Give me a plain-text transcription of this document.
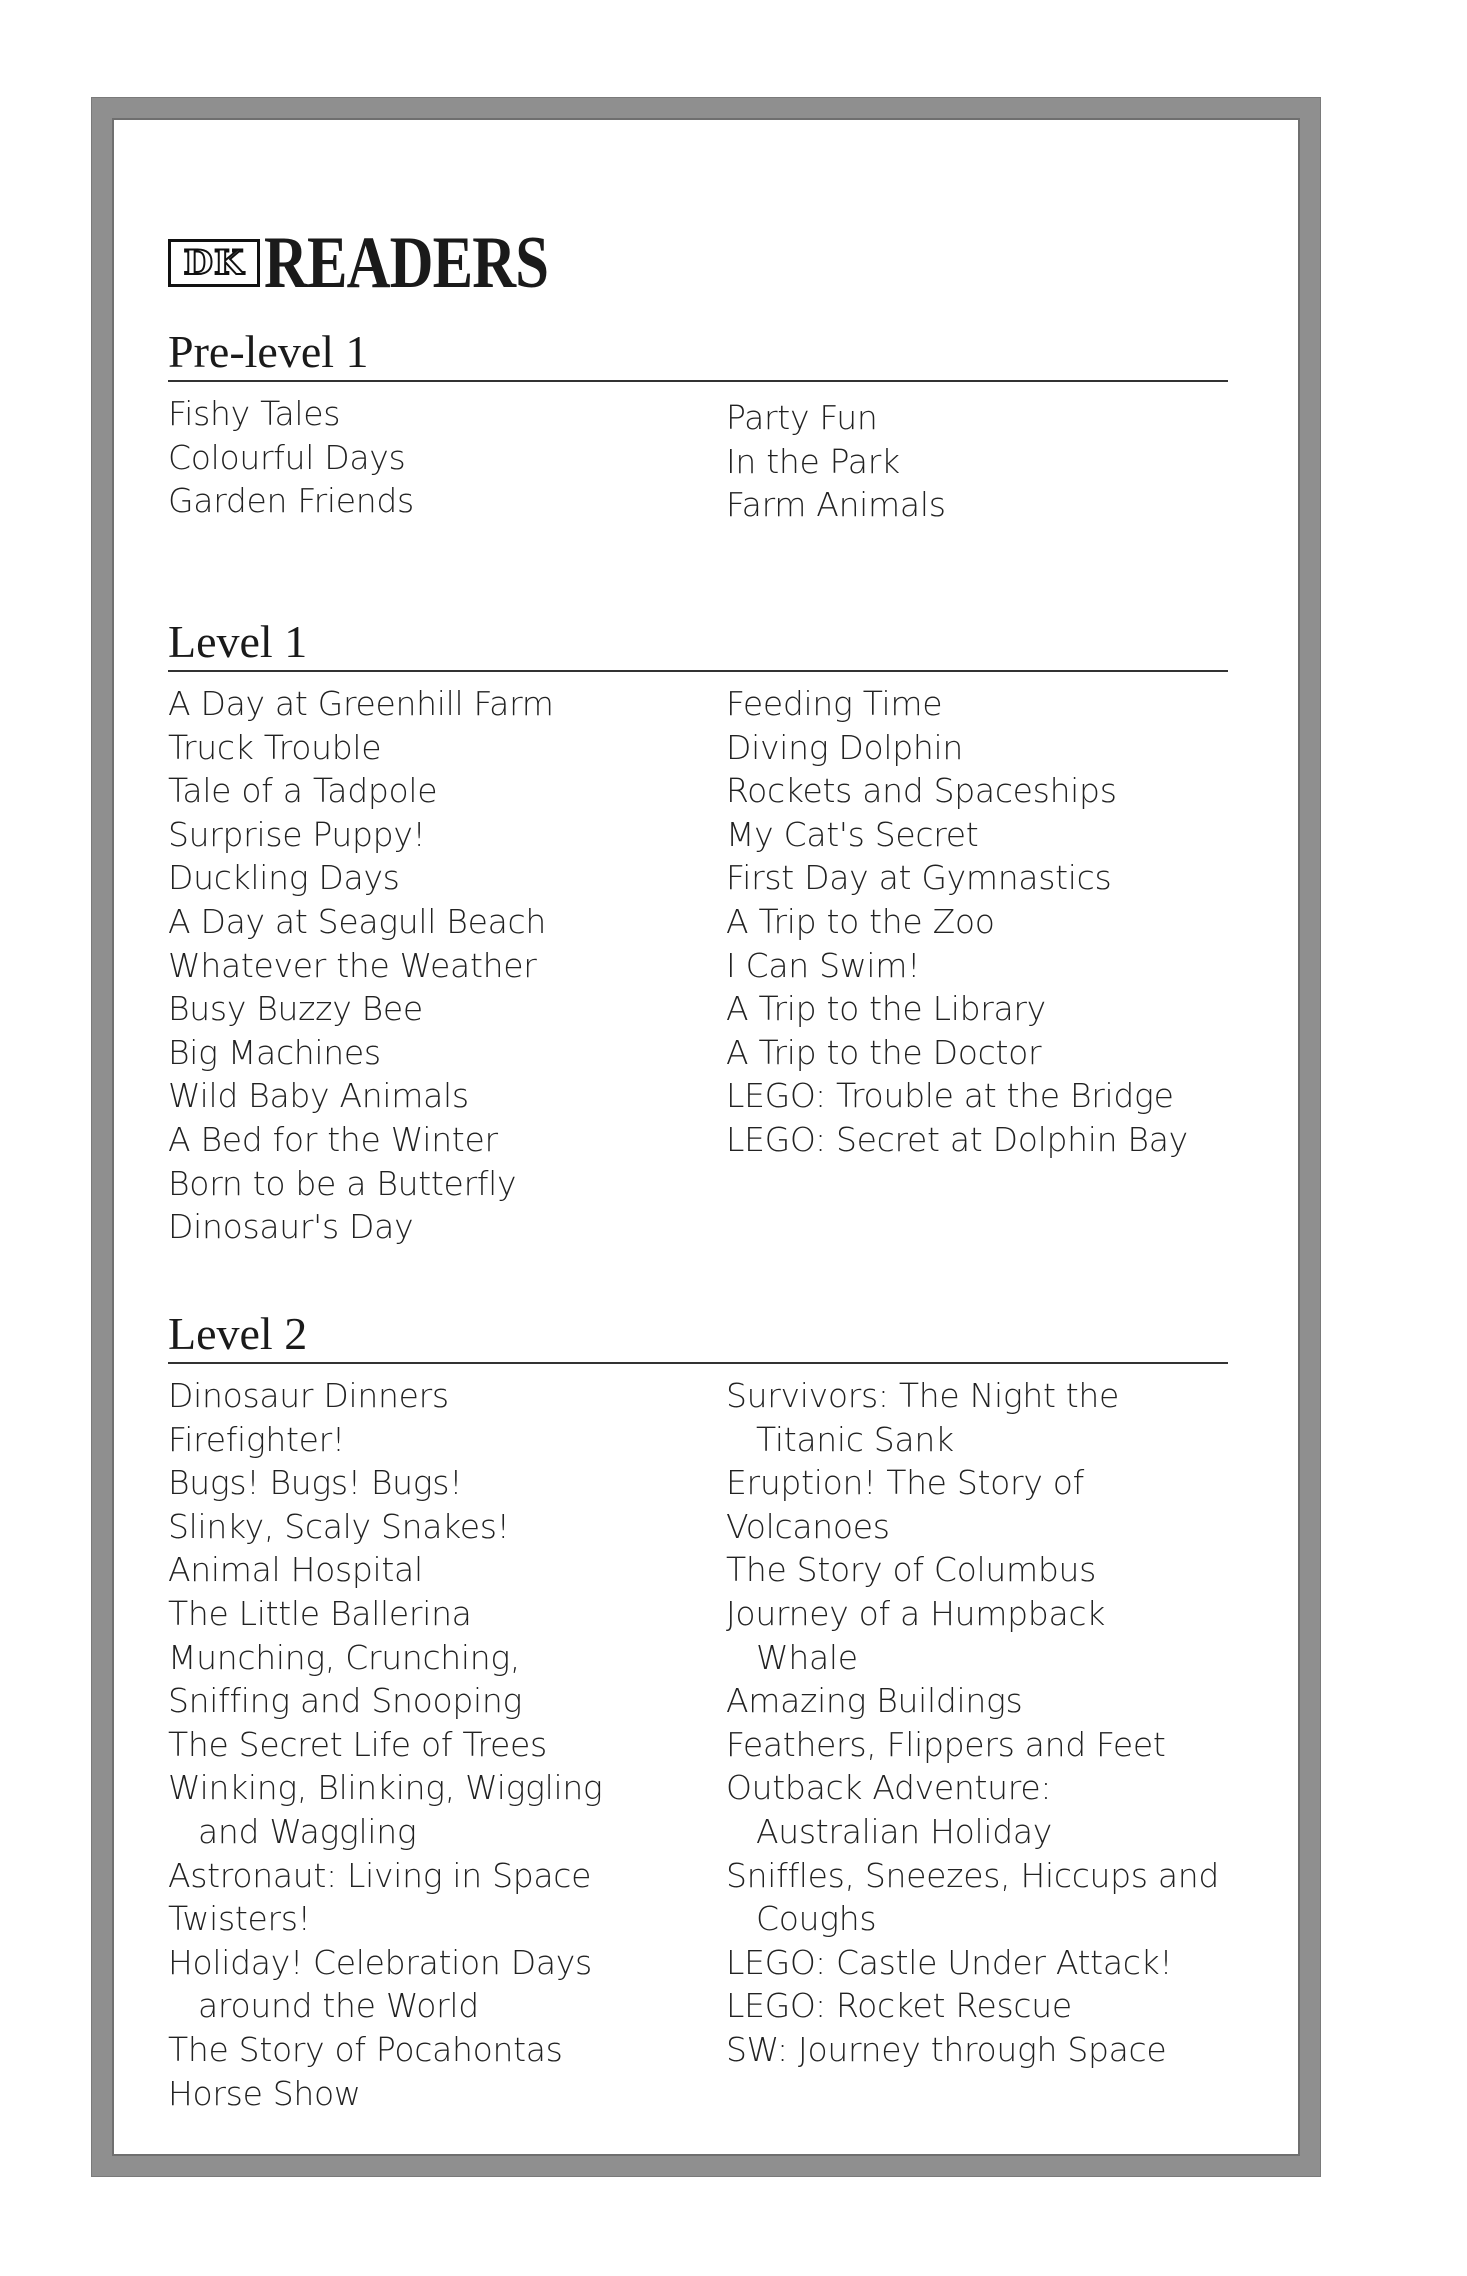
DK READERS
Pre-level 1
Fishy Tales
Colourful Days
Garden Friends
Party Fun
In the Park
Farm Animals
Level 1
A Day at Greenhill Farm
Truck Trouble
Tale of a Tadpole
Surprise Puppy!
Duckling Days
A Day at Seagull Beach
Whatever the Weather
Busy Buzzy Bee
Big Machines
Wild Baby Animals
A Bed for the Winter
Born to be a Butterfly
Dinosaur's Day
Feeding Time
Diving Dolphin
Rockets and Spaceships
My Cat's Secret
First Day at Gymnastics
A Trip to the Zoo
I Can Swim!
A Trip to the Library
A Trip to the Doctor
LEGO: Trouble at the Bridge
LEGO: Secret at Dolphin Bay
Level 2
Dinosaur Dinners
Firefighter!
Bugs! Bugs! Bugs!
Slinky, Scaly Snakes!
Animal Hospital
The Little Ballerina
Munching, Crunching,
Sniffing and Snooping
The Secret Life of Trees
Winking, Blinking, Wiggling
and Waggling
Astronaut: Living in Space
Twisters!
Holiday! Celebration Days
around the World
The Story of Pocahontas
Horse Show
Survivors: The Night the
Titanic Sank
Eruption! The Story of
Volcanoes
The Story of Columbus
Journey of a Humpback
Whale
Amazing Buildings
Feathers, Flippers and Feet
Outback Adventure:
Australian Holiday
Sniffles, Sneezes, Hiccups and
Coughs
LEGO: Castle Under Attack!
LEGO: Rocket Rescue
SW: Journey through Space
